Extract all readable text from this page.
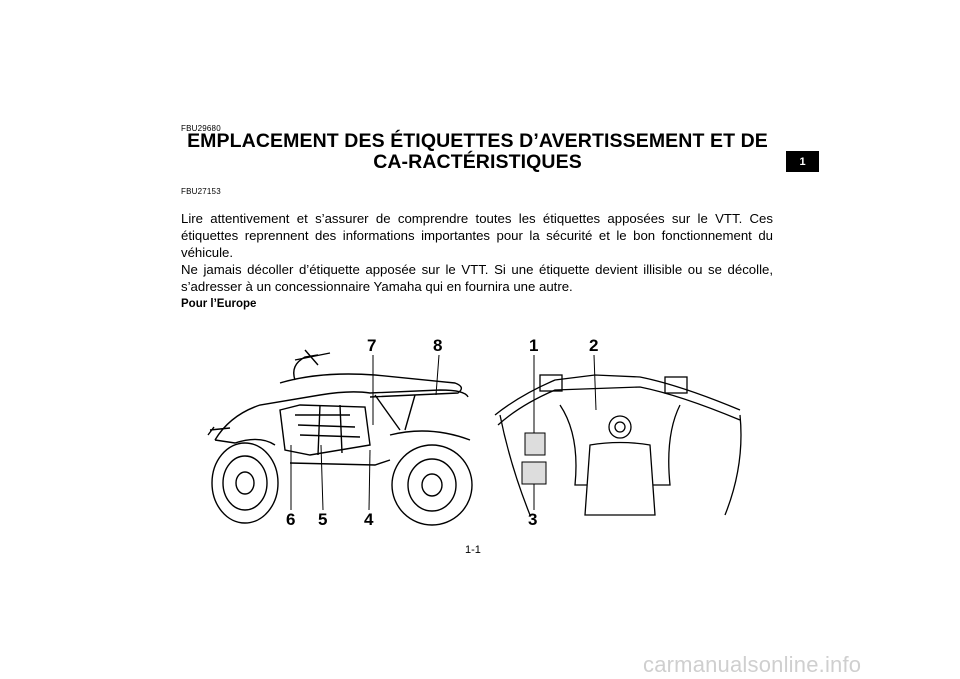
FBU29680
EMPLACEMENT DES ÉTIQUETTES D’AVERTISSEMENT ET DE CA-RACTÉRISTIQUES
FBU27153

Lire attentivement et s’assurer de comprendre toutes les étiquettes apposées sur le VTT. Ces étiquettes reprennent des informations importantes pour la sécurité et le bon fonctionnement du véhicule.

Ne jamais décoller d’étiquette apposée sur le VTT. Si une étiquette devient illisible ou se décolle, s’adresser à un concessionnaire Yamaha qui en fournira une autre.

Pour l’Europe

1
7	8	1	2
6 5 4	3
1-1
carmanualsonline.info
